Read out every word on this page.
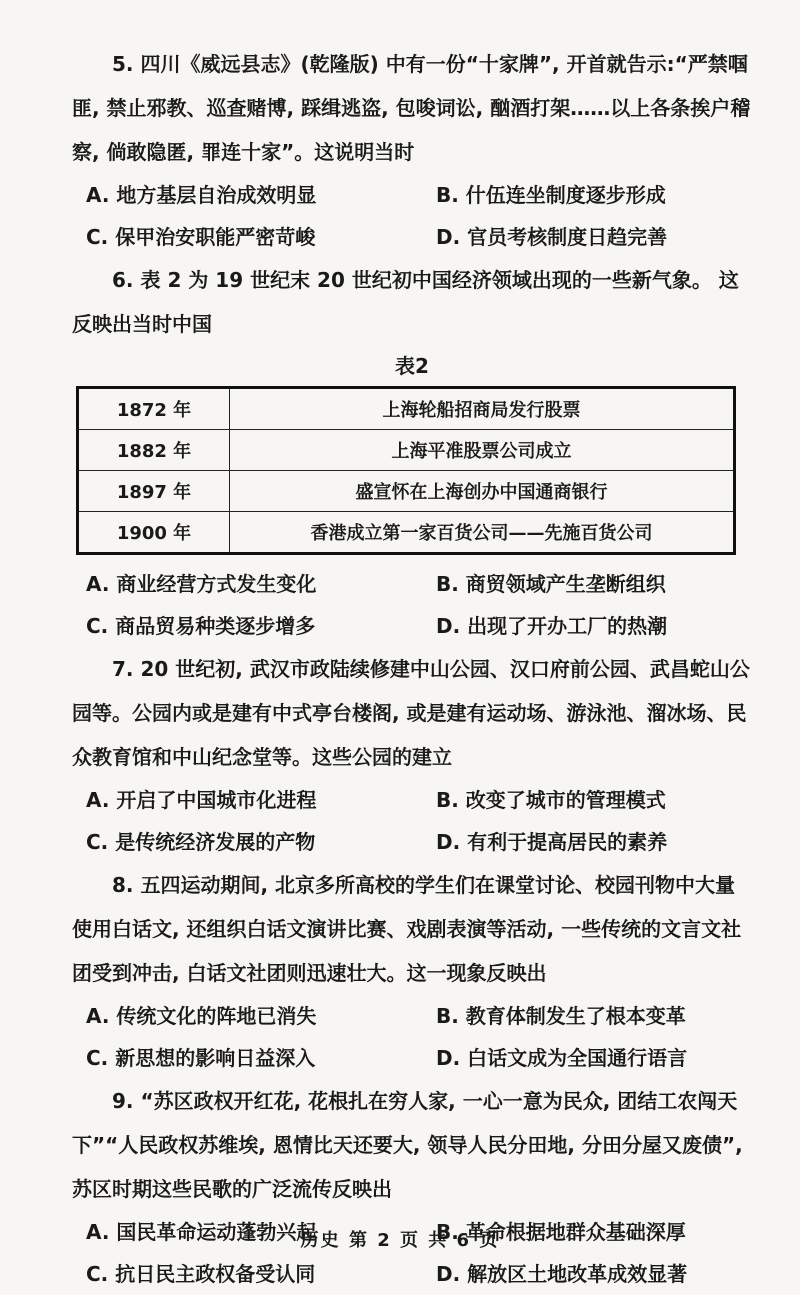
5. 四川《威远县志》(乾隆版) 中有一份“十家牌”, 开首就告示:“严禁啯匪, 禁止邪教、巡查赌博, 踩缉逃盗, 包唆词讼, 酗酒打架……以上各条挨户稽察, 倘敢隐匿, 罪连十家”。这说明当时

A. 地方基层自治成效明显	B. 什伍连坐制度逐步形成
C. 保甲治安职能严密苛峻	D. 官员考核制度日趋完善

6. 表 2 为 19 世纪末 20 世纪初中国经济领域出现的一些新气象。 这反映出当时中国

表2

1872 年	上海轮船招商局发行股票
1882 年	上海平准股票公司成立
1897 年	盛宣怀在上海创办中国通商银行
1900 年	香港成立第一家百货公司——先施百货公司
A. 商业经营方式发生变化	B. 商贸领域产生垄断组织
C. 商品贸易种类逐步增多	D. 出现了开办工厂的热潮

7. 20 世纪初, 武汉市政陆续修建中山公园、汉口府前公园、武昌蛇山公园等。公园内或是建有中式亭台楼阁, 或是建有运动场、游泳池、溜冰场、民众教育馆和中山纪念堂等。这些公园的建立

A. 开启了中国城市化进程	B. 改变了城市的管理模式
C. 是传统经济发展的产物	D. 有利于提高居民的素养

8. 五四运动期间, 北京多所高校的学生们在课堂讨论、校园刊物中大量使用白话文, 还组织白话文演讲比赛、戏剧表演等活动, 一些传统的文言文社团受到冲击, 白话文社团则迅速壮大。这一现象反映出

A. 传统文化的阵地已消失	B. 教育体制发生了根本变革
C. 新思想的影响日益深入	D. 白话文成为全国通行语言

9. “苏区政权开红花, 花根扎在穷人家, 一心一意为民众, 团结工农闯天下”“人民政权苏维埃, 恩情比天还要大, 领导人民分田地, 分田分屋又废债”, 苏区时期这些民歌的广泛流传反映出

A. 国民革命运动蓬勃兴起	B. 革命根据地群众基础深厚
C. 抗日民主政权备受认同	D. 解放区土地改革成效显著
历史 第 2 页 共 6 页
